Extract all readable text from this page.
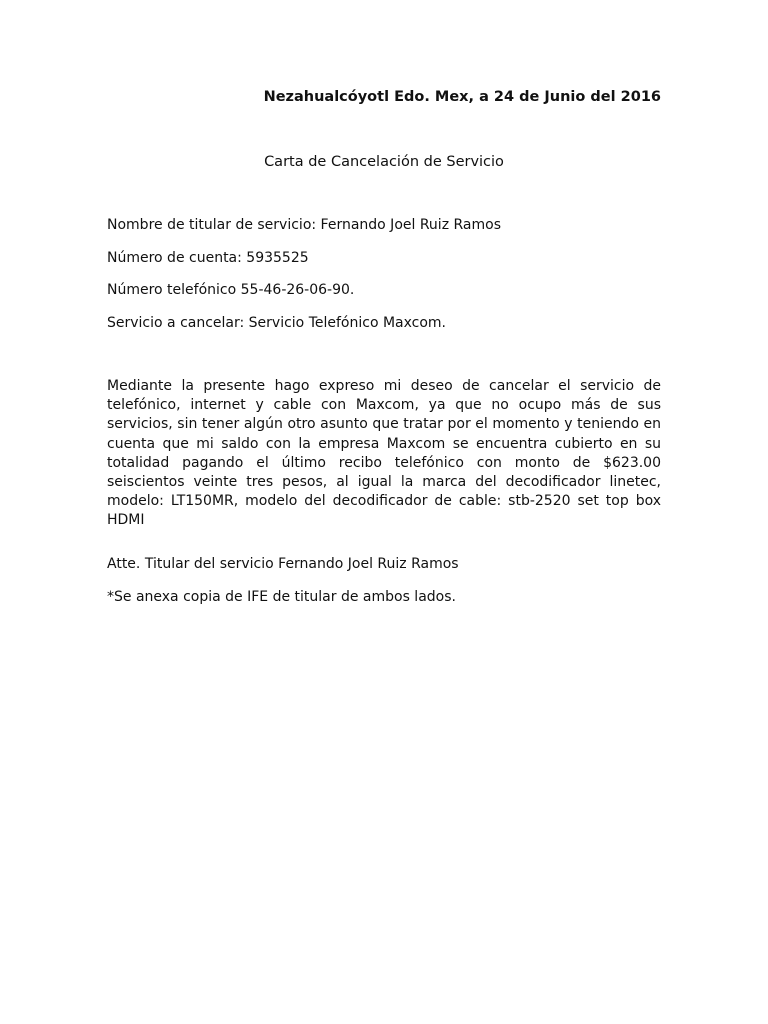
Nezahualcóyotl Edo. Mex, a 24 de Junio del 2016
Carta de Cancelación de Servicio
Nombre de titular de servicio: Fernando Joel Ruiz Ramos
Número de cuenta: 5935525
Número telefónico 55-46-26-06-90.
Servicio a cancelar: Servicio Telefónico Maxcom.

Mediante la presente hago expreso mi deseo de cancelar el servicio de telefónico, internet y cable con Maxcom, ya que no ocupo más de sus servicios, sin tener algún otro asunto que tratar por el momento y teniendo en cuenta que mi saldo con la empresa Maxcom se encuentra cubierto en su totalidad pagando el último recibo telefónico con monto de $623.00 seiscientos veinte tres pesos, al igual la marca del decodificador linetec, modelo: LT150MR, modelo del decodificador de cable: stb-2520 set top box HDMI

Atte. Titular del servicio Fernando Joel Ruiz Ramos
*Se anexa copia de IFE de titular de ambos lados.
